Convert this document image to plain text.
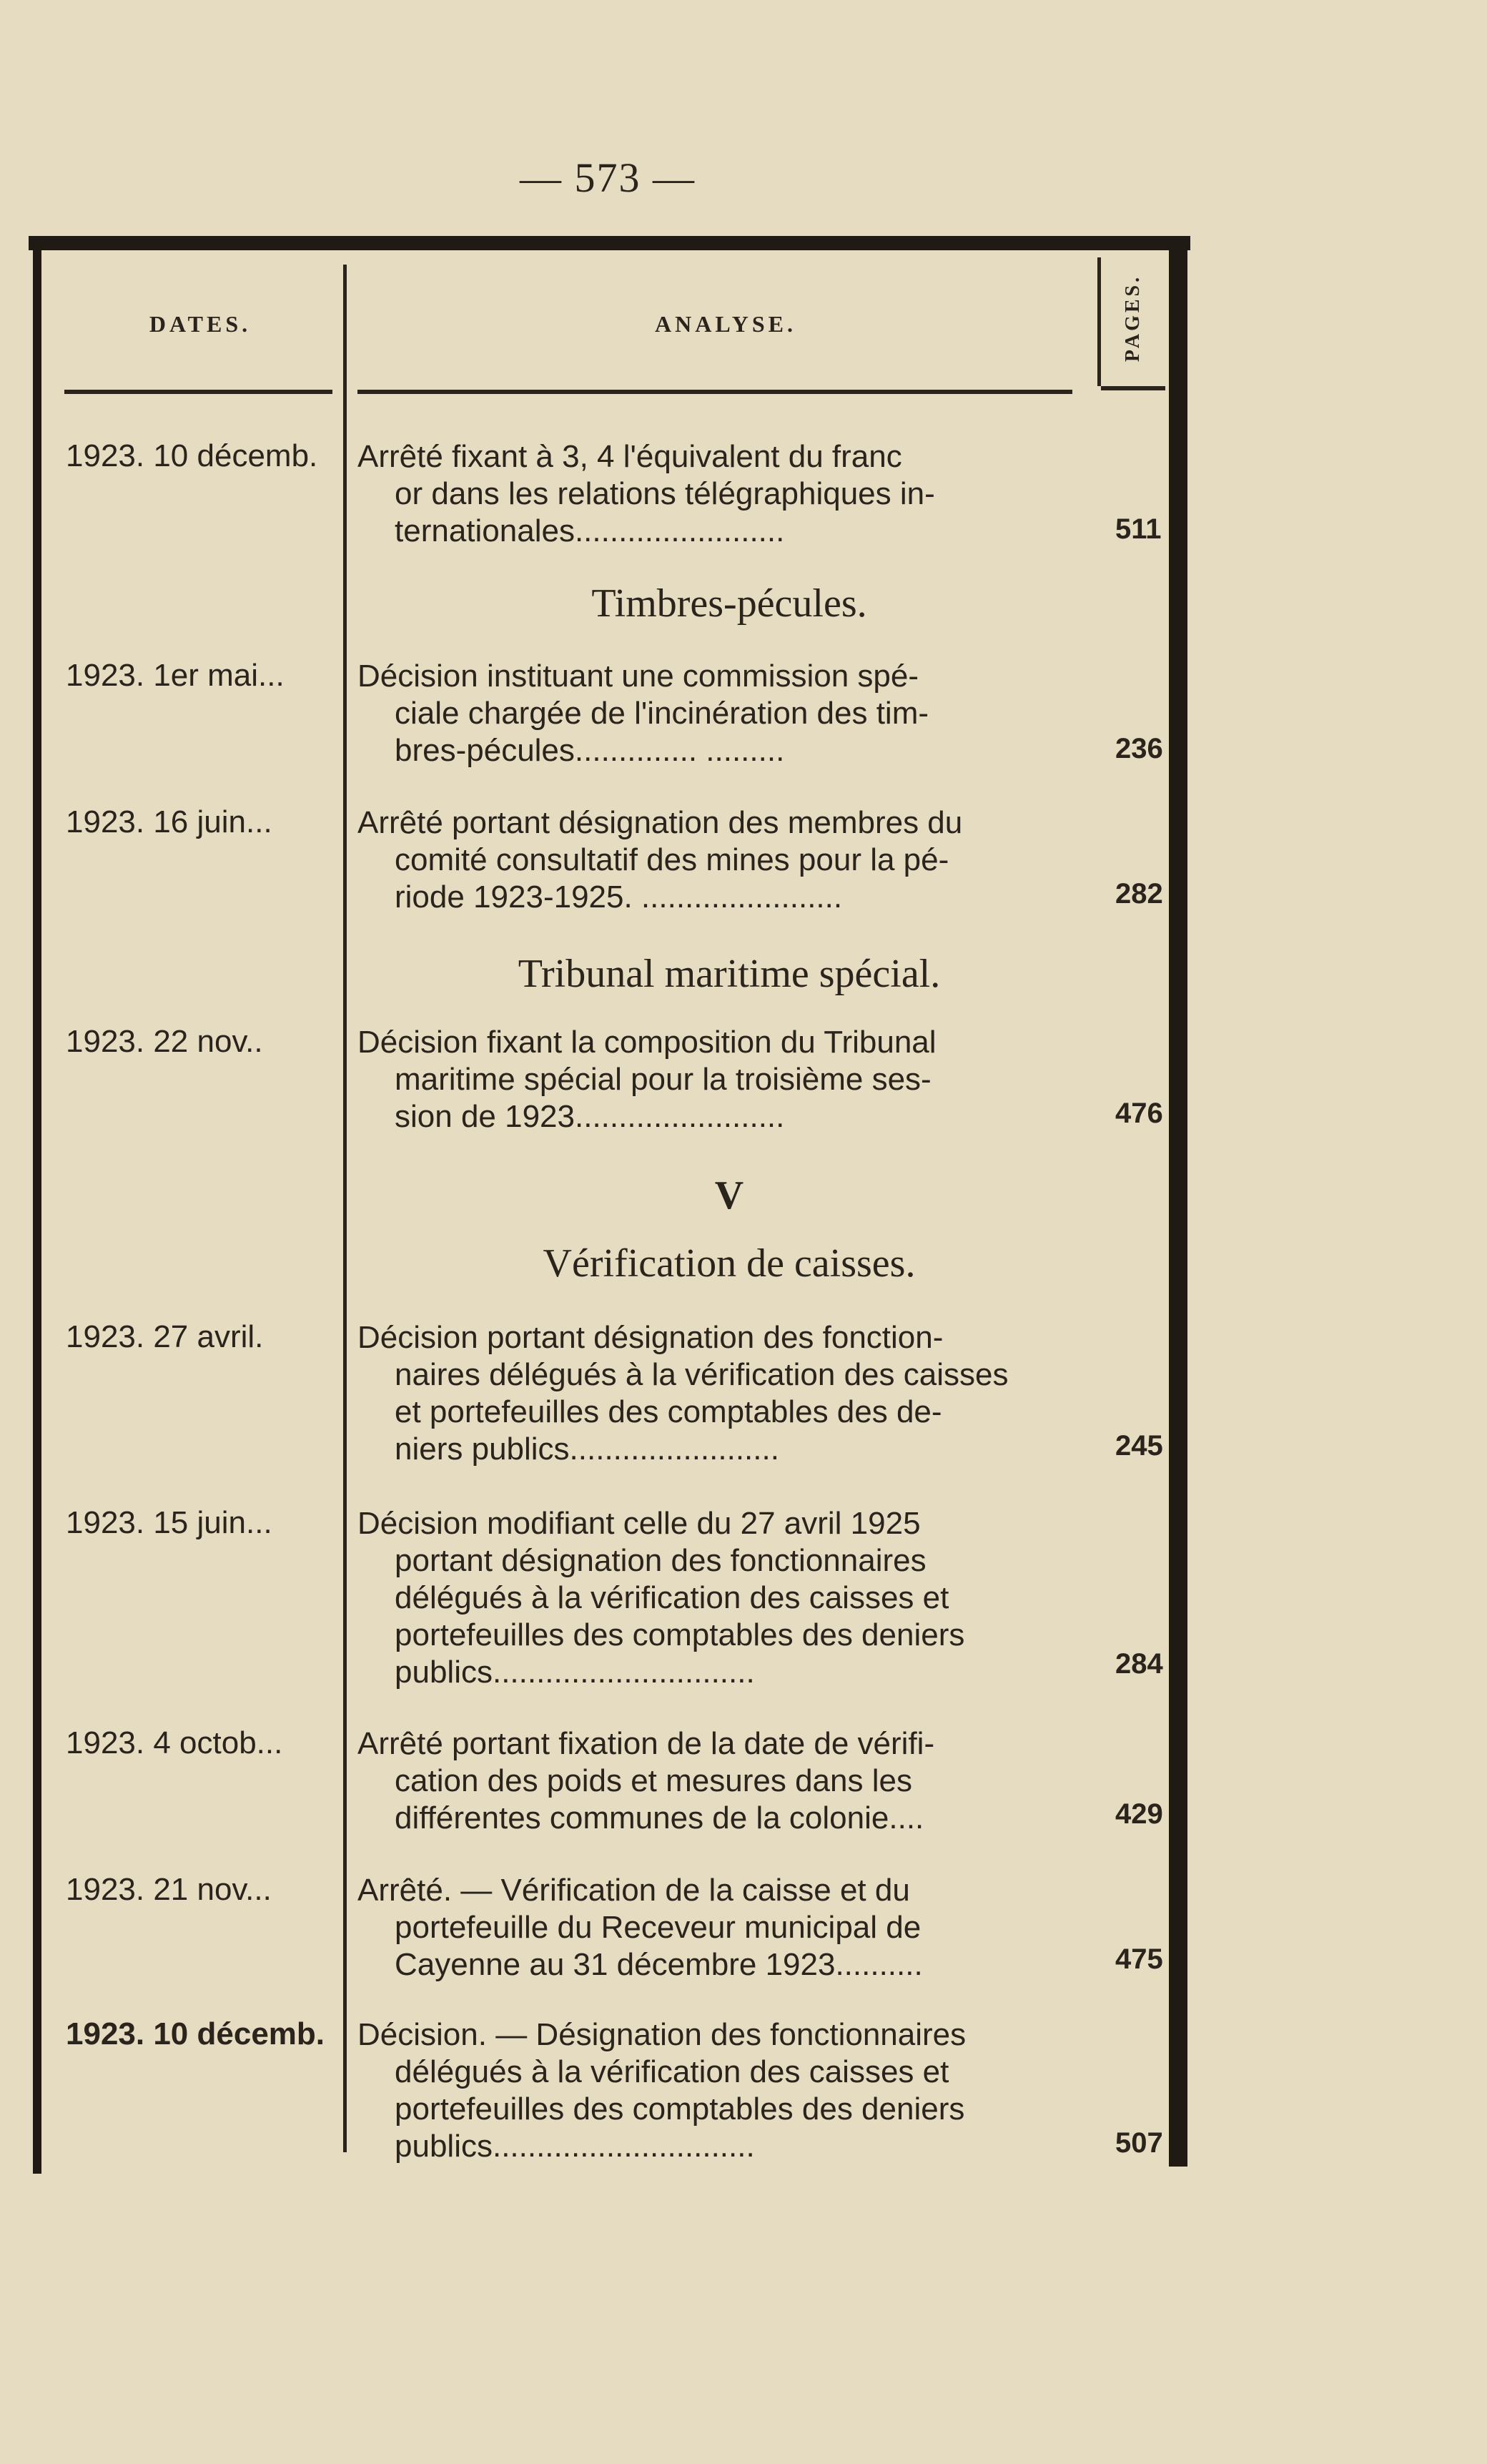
— 573 —
DATES.	ANALYSE.	PAGES.
1923. 10 décemb. Arrêté fixant à 3, 4 l'équivalent du franc
or dans les relations télégraphiques in-
ternationales........................	511
Timbres-pécules.
1923. 1er mai... Décision instituant une commission spé-
ciale chargée de l'incinération des tim-
bres-pécules.............. .........	236
1923. 16 juin...	Arrêté portant désignation des membres du
comité consultatif des mines pour la pé-
riode 1923-1925. .......................	282
Tribunal maritime spécial.
1923. 22 nov..	Décision fixant la composition du Tribunal
maritime spécial pour la troisième ses-
sion de 1923........................	476
V
Vérification de caisses.
1923. 27 avril.	Décision portant désignation des fonction-
naires délégués à la vérification des caisses
et portefeuilles des comptables des de-
niers publics........................	245
1923. 15 juin...	Décision modifiant celle du 27 avril 1925
portant désignation des fonctionnaires
délégués à la vérification des caisses et
portefeuilles des comptables des deniers
publics..............................	284
1923. 4 octob... Arrêté portant fixation de la date de vérifi-
cation des poids et mesures dans les
différentes communes de la colonie....	429
1923. 21 nov...	Arrêté. — Vérification de la caisse et du
portefeuille du Receveur municipal de
Cayenne au 31 décembre 1923..........	475
1923. 10 décemb. Décision. — Désignation des fonctionnaires
délégués à la vérification des caisses et
portefeuilles des comptables des deniers
publics..............................	507
